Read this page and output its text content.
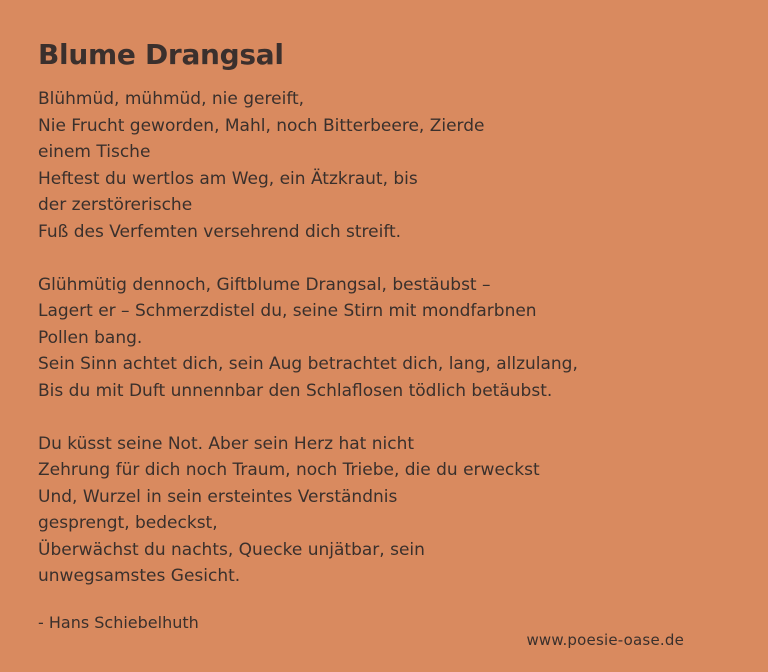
Blume Drangsal
Blühmüd, mühmüd, nie gereift,
Nie Frucht geworden, Mahl, noch Bitterbeere, Zierde
einem Tische
Heftest du wertlos am Weg, ein Ätzkraut, bis
der zerstörerische
Fuß des Verfemten versehrend dich streift.
Glühmütig dennoch, Giftblume Drangsal, bestäubst –
Lagert er – Schmerzdistel du, seine Stirn mit mondfarbnen
Pollen bang.
Sein Sinn achtet dich, sein Aug betrachtet dich, lang, allzulang,
Bis du mit Duft unnennbar den Schlaflosen tödlich betäubst.
Du küsst seine Not. Aber sein Herz hat nicht
Zehrung für dich noch Traum, noch Triebe, die du erweckst
Und, Wurzel in sein ersteintes Verständnis
gesprengt, bedeckst,
Überwächst du nachts, Quecke unjätbar, sein
unwegsamstes Gesicht.
- Hans Schiebelhuth
www.poesie-oase.de
